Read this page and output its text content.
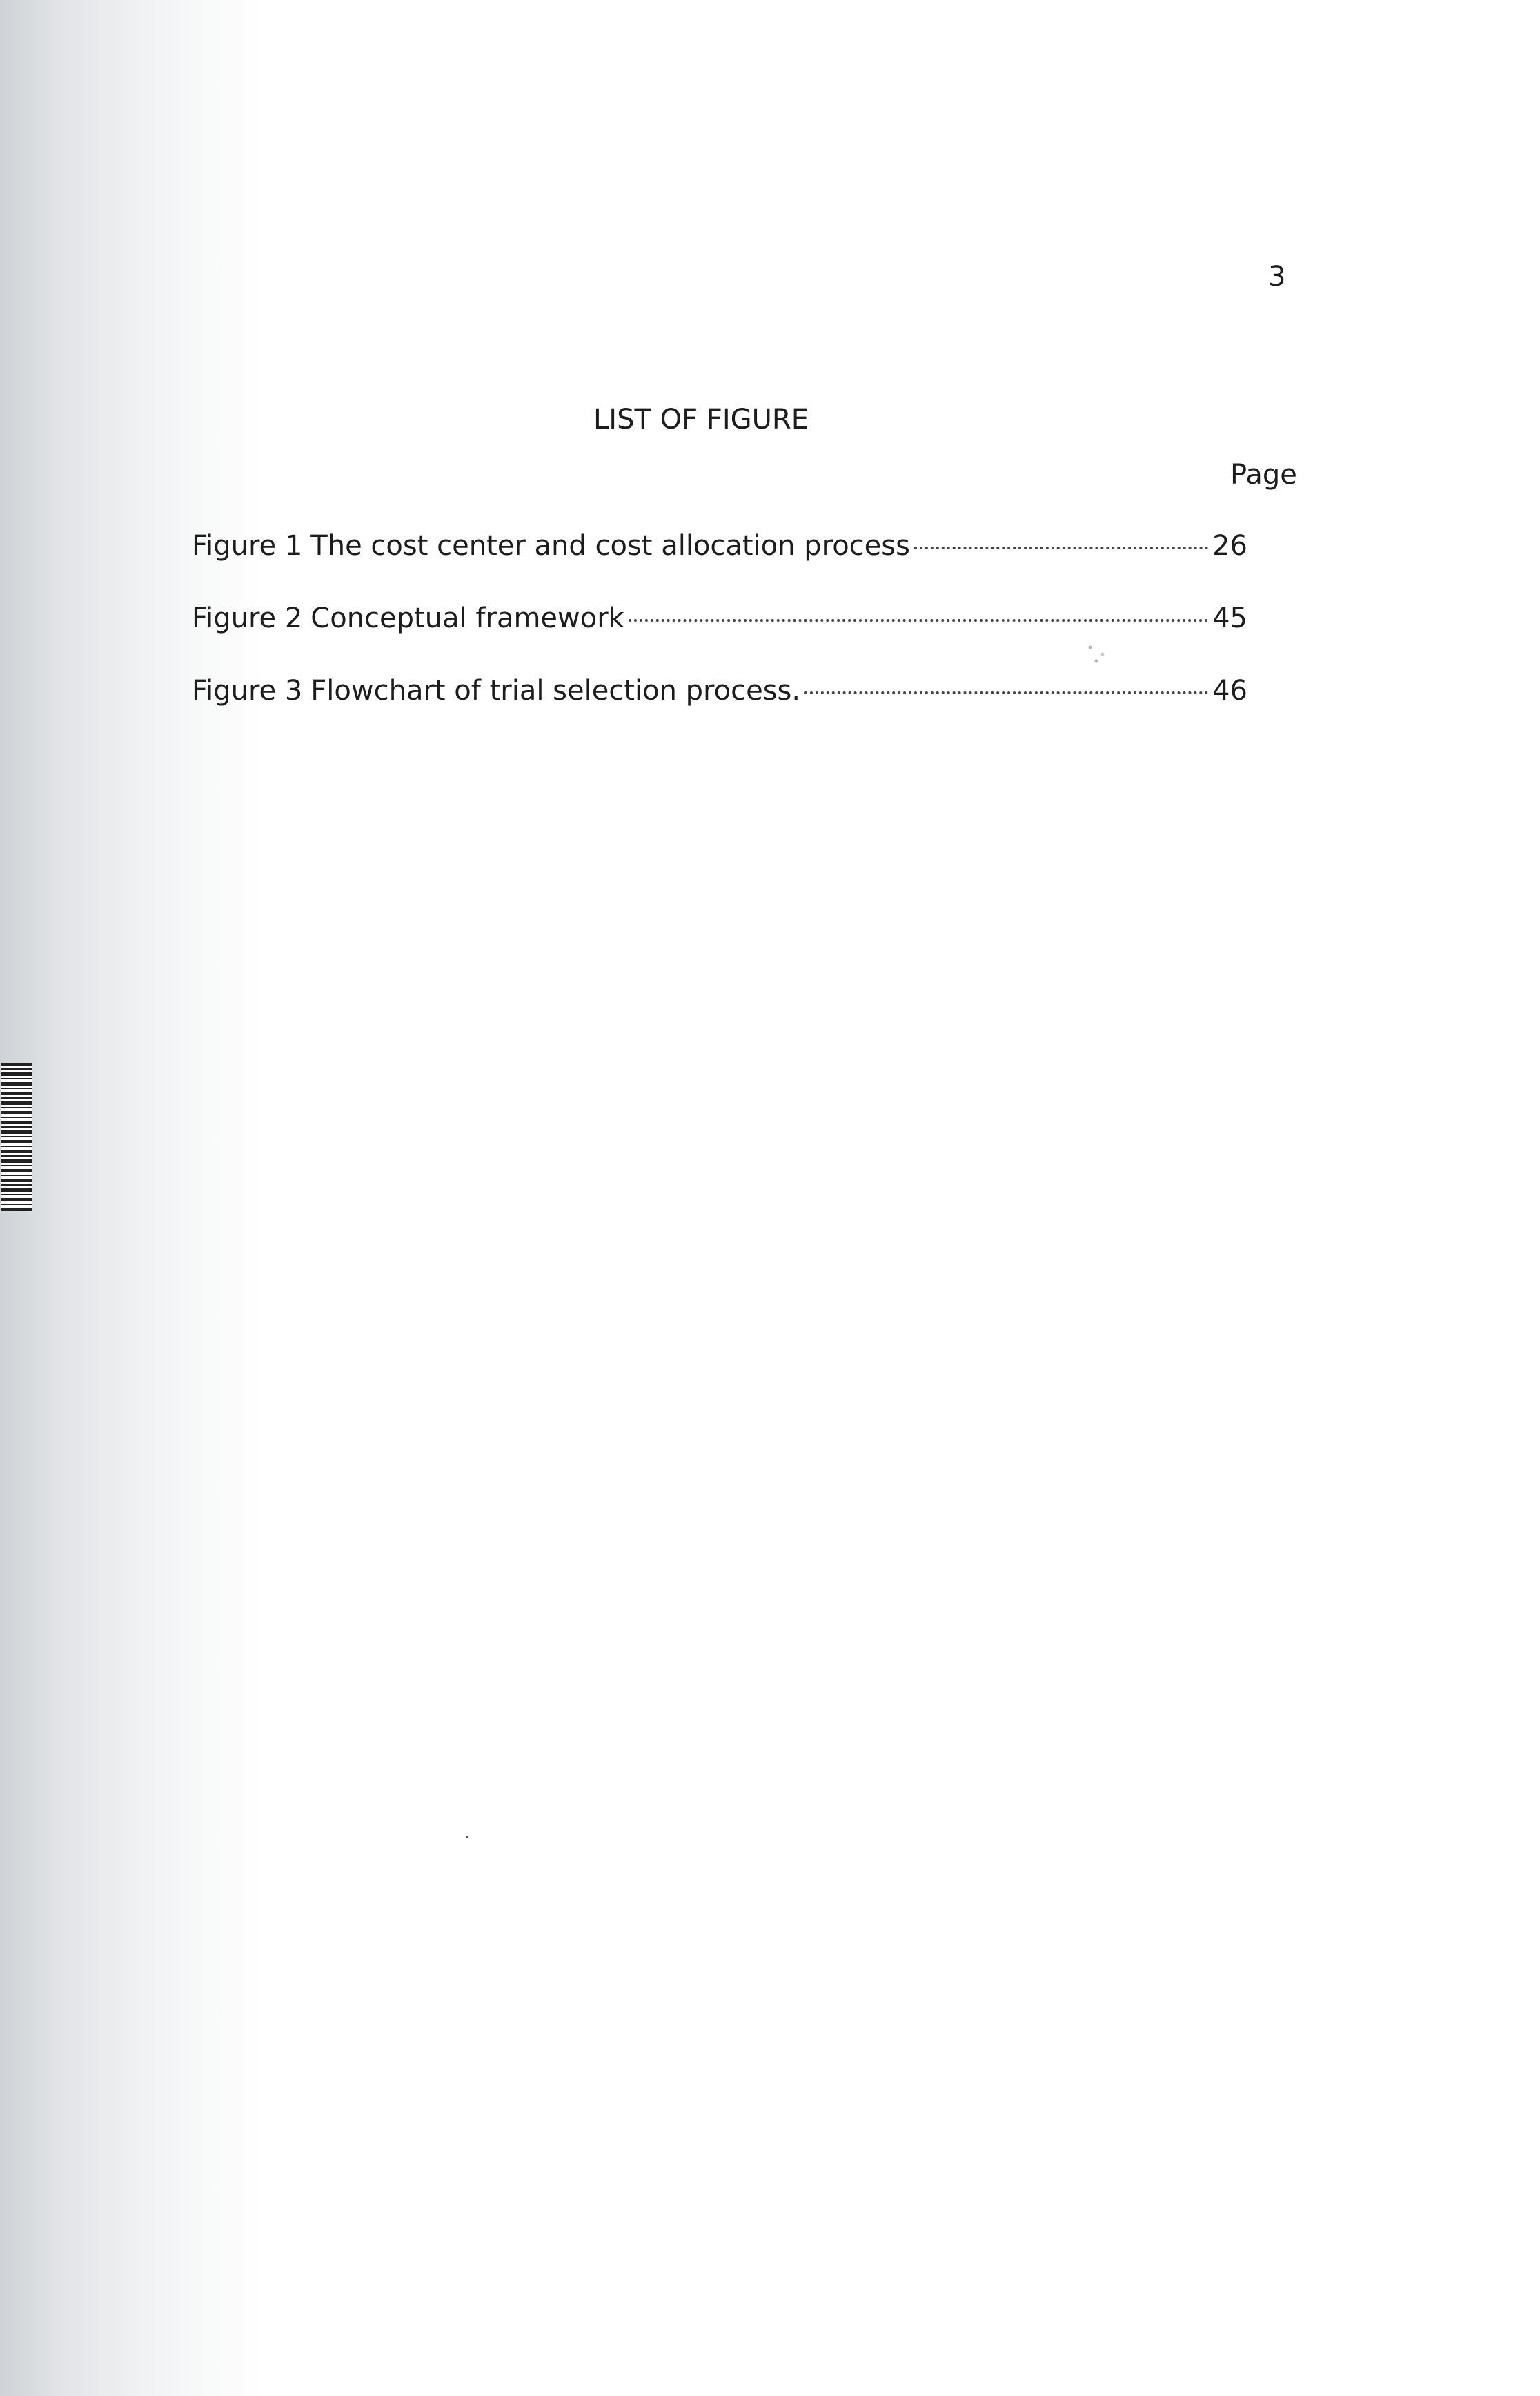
3
LIST OF FIGURE
Page
Figure 1 The cost center and cost allocation process	26
Figure 2 Conceptual framework	45
Figure 3 Flowchart of trial selection process.	46
